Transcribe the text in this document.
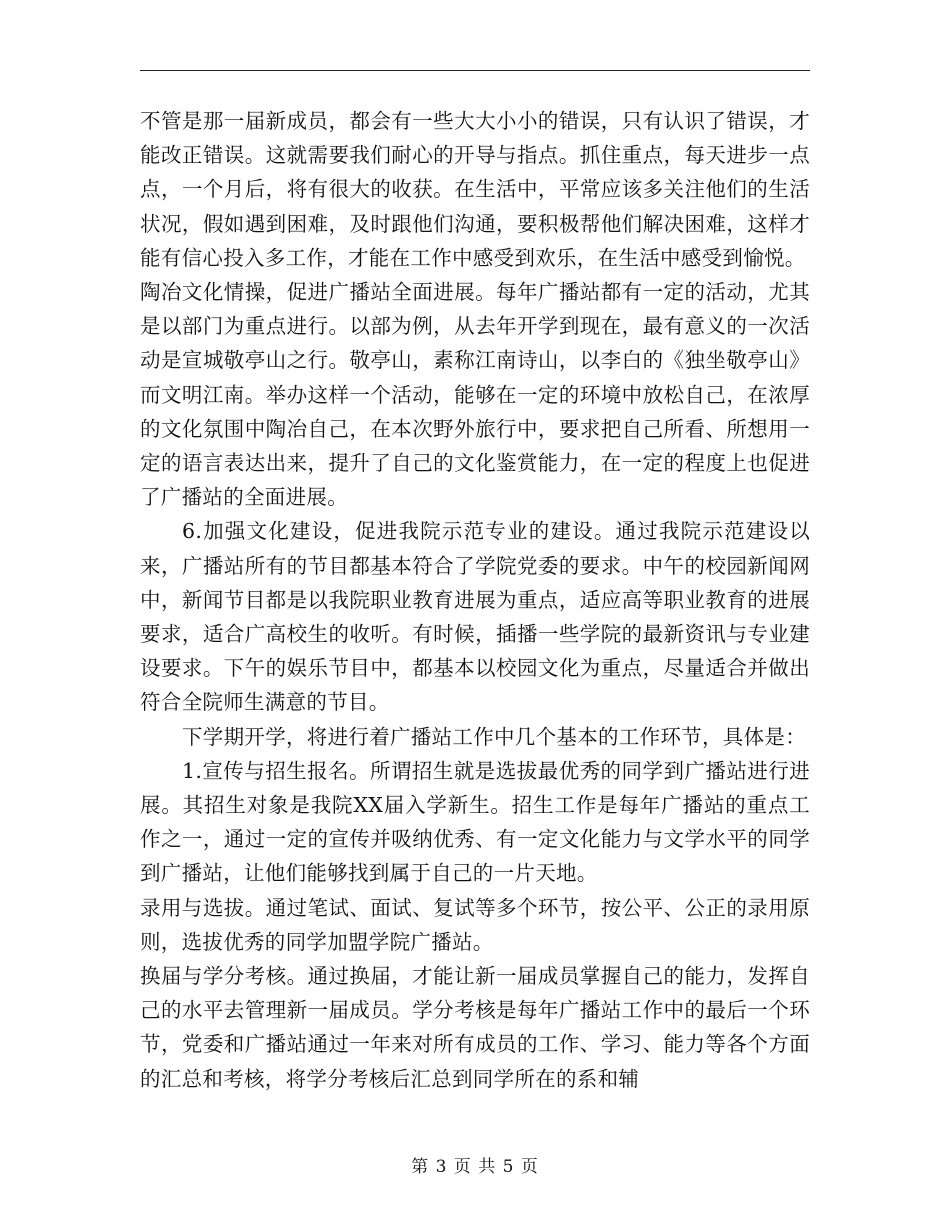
不管是那一届新成员，都会有一些大大小小的错误，只有认识了错误，才能改正错误。这就需要我们耐心的开导与指点。抓住重点，每天进步一点点，一个月后，将有很大的收获。在生活中，平常应该多关注他们的生活状况，假如遇到困难，及时跟他们沟通，要积极帮他们解决困难，这样才能有信心投入多工作，才能在工作中感受到欢乐，在生活中感受到愉悦。

陶冶文化情操，促进广播站全面进展。每年广播站都有一定的活动，尤其是以部门为重点进行。以部为例，从去年开学到现在，最有意义的一次活动是宣城敬亭山之行。敬亭山，素称江南诗山，以李白的《独坐敬亭山》而文明江南。举办这样一个活动，能够在一定的环境中放松自己，在浓厚的文化氛围中陶冶自己，在本次野外旅行中，要求把自己所看、所想用一定的语言表达出来，提升了自己的文化鉴赏能力，在一定的程度上也促进了广播站的全面进展。

6.加强文化建设，促进我院示范专业的建设。通过我院示范建设以来，广播站所有的节目都基本符合了学院党委的要求。中午的校园新闻网中，新闻节目都是以我院职业教育进展为重点，适应高等职业教育的进展要求，适合广高校生的收听。有时候，插播一些学院的最新资讯与专业建设要求。下午的娱乐节目中，都基本以校园文化为重点，尽量适合并做出符合全院师生满意的节目。

下学期开学，将进行着广播站工作中几个基本的工作环节，具体是：

1.宣传与招生报名。所谓招生就是选拔最优秀的同学到广播站进行进展。其招生对象是我院XX届入学新生。招生工作是每年广播站的重点工作之一，通过一定的宣传并吸纳优秀、有一定文化能力与文学水平的同学到广播站，让他们能够找到属于自己的一片天地。

录用与选拔。通过笔试、面试、复试等多个环节，按公平、公正的录用原则，选拔优秀的同学加盟学院广播站。

换届与学分考核。通过换届，才能让新一届成员掌握自己的能力，发挥自己的水平去管理新一届成员。学分考核是每年广播站工作中的最后一个环节，党委和广播站通过一年来对所有成员的工作、学习、能力等各个方面的汇总和考核，将学分考核后汇总到同学所在的系和辅

第 3 页 共 5 页
